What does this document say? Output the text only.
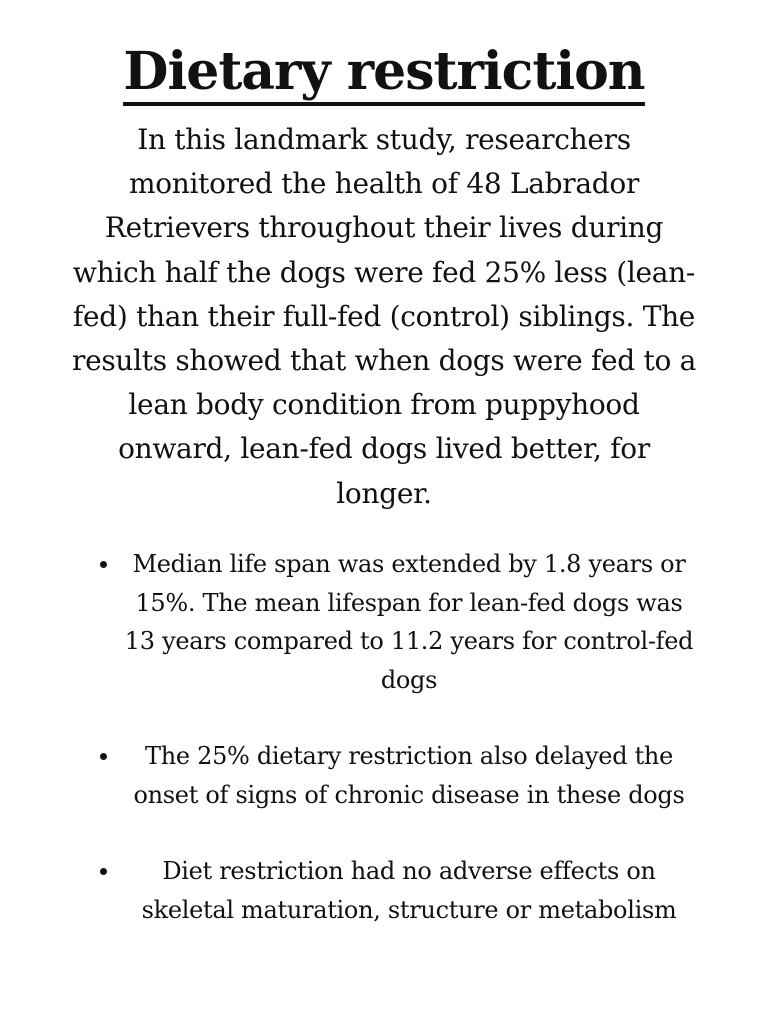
Dietary restriction

In this landmark study, researchers monitored the health of 48 Labrador Retrievers throughout their lives during which half the dogs were fed 25% less (lean-fed) than their full-fed (control) siblings. The results showed that when dogs were fed to a lean body condition from puppyhood onward, lean-fed dogs lived better, for longer.

Median life span was extended by 1.8 years or 15%. The mean lifespan for lean-fed dogs was 13 years compared to 11.2 years for control-fed dogs
The 25% dietary restriction also delayed the onset of signs of chronic disease in these dogs
Diet restriction had no adverse effects on skeletal maturation, structure or metabolism
